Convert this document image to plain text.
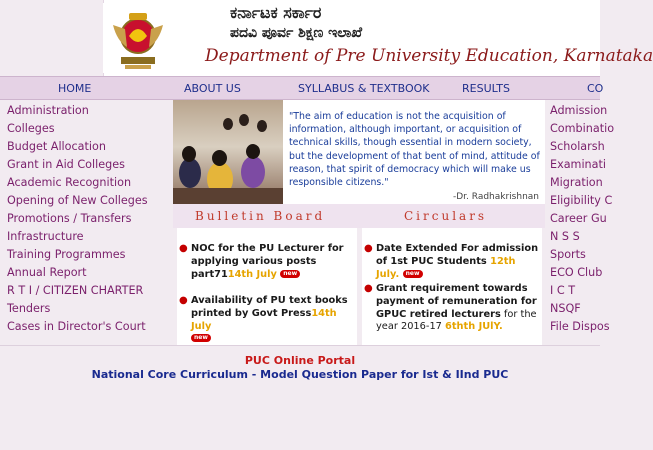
ಕರ್ನಾಟಕ ಸರ್ಕಾರ
ಪದವಿ ಪೂರ್ವ ಶಿಕ್ಷಣ ಇಲಾಖೆ
Department of Pre University Education, Karnataka
HOME	ABOUT US	SYLLABUS & TEXTBOOK	RESULTS	CO
Administration
Colleges
Budget Allocation
Grant in Aid Colleges
Academic Recognition
Opening of New Colleges
Promotions / Transfers
Infrastructure
Training Programmes
Annual Report
R T I / CITIZEN CHARTER
Tenders
Cases in Director's Court
"The aim of education is not the acquisition of information, although important, or acquisition of technical skills, though essential in modern society, but the development of that bent of mind, attitude of reason, that spirit of democracy which will make us responsible citizens."
-Dr. Radhakrishnan
Bulletin Board	Circulars
● NOC for the PU Lecturer for applying various posts part7114th July new
● Availability of PU text books printed by Govt Press14th July
new
● Date Extended For admission of 1st PUC Students 12th July. new
● Grant requirement towards payment of remuneration for GPUC retired lecturers for the year 2016-17 6thth JUlY.
Admission
Combinatio
Scholarsh
Examinati
Migration
Eligibility C
Career Gu
N S S
Sports
ECO Club
I C T
NSQF
File Dispos
PUC Online Portal
National Core Curriculum - Model Question Paper for Ist & IInd PUC
